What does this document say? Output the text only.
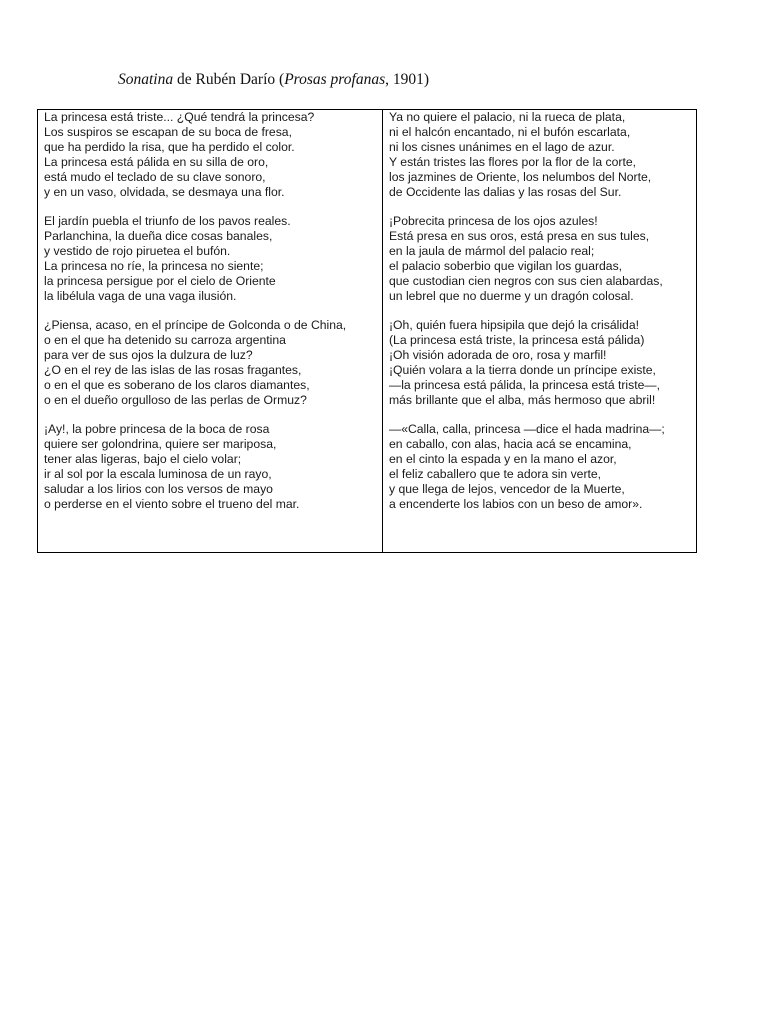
Sonatina de Rubén Darío (Prosas profanas, 1901)
La princesa está triste... ¿Qué tendrá la princesa?
Los suspiros se escapan de su boca de fresa,
que ha perdido la risa, que ha perdido el color.
La princesa está pálida en su silla de oro,
está mudo el teclado de su clave sonoro,
y en un vaso, olvidada, se desmaya una flor.
El jardín puebla el triunfo de los pavos reales.
Parlanchina, la dueña dice cosas banales,
y vestido de rojo piruetea el bufón.
La princesa no ríe, la princesa no siente;
la princesa persigue por el cielo de Oriente
la libélula vaga de una vaga ilusión.
¿Piensa, acaso, en el príncipe de Golconda o de China,
o en el que ha detenido su carroza argentina
para ver de sus ojos la dulzura de luz?
¿O en el rey de las islas de las rosas fragantes,
o en el que es soberano de los claros diamantes,
o en el dueño orgulloso de las perlas de Ormuz?
¡Ay!, la pobre princesa de la boca de rosa
quiere ser golondrina, quiere ser mariposa,
tener alas ligeras, bajo el cielo volar;
ir al sol por la escala luminosa de un rayo,
saludar a los lirios con los versos de mayo
o perderse en el viento sobre el trueno del mar.
Ya no quiere el palacio, ni la rueca de plata,
ni el halcón encantado, ni el bufón escarlata,
ni los cisnes unánimes en el lago de azur.
Y están tristes las flores por la flor de la corte,
los jazmines de Oriente, los nelumbos del Norte,
de Occidente las dalias y las rosas del Sur.
¡Pobrecita princesa de los ojos azules!
Está presa en sus oros, está presa en sus tules,
en la jaula de mármol del palacio real;
el palacio soberbio que vigilan los guardas,
que custodian cien negros con sus cien alabardas,
un lebrel que no duerme y un dragón colosal.
¡Oh, quién fuera hipsipila que dejó la crisálida!
(La princesa está triste, la princesa está pálida)
¡Oh visión adorada de oro, rosa y marfil!
¡Quién volara a la tierra donde un príncipe existe,
—la princesa está pálida, la princesa está triste—,
más brillante que el alba, más hermoso que abril!
—«Calla, calla, princesa —dice el hada madrina—;
en caballo, con alas, hacia acá se encamina,
en el cinto la espada y en la mano el azor,
el feliz caballero que te adora sin verte,
y que llega de lejos, vencedor de la Muerte,
a encenderte los labios con un beso de amor».
